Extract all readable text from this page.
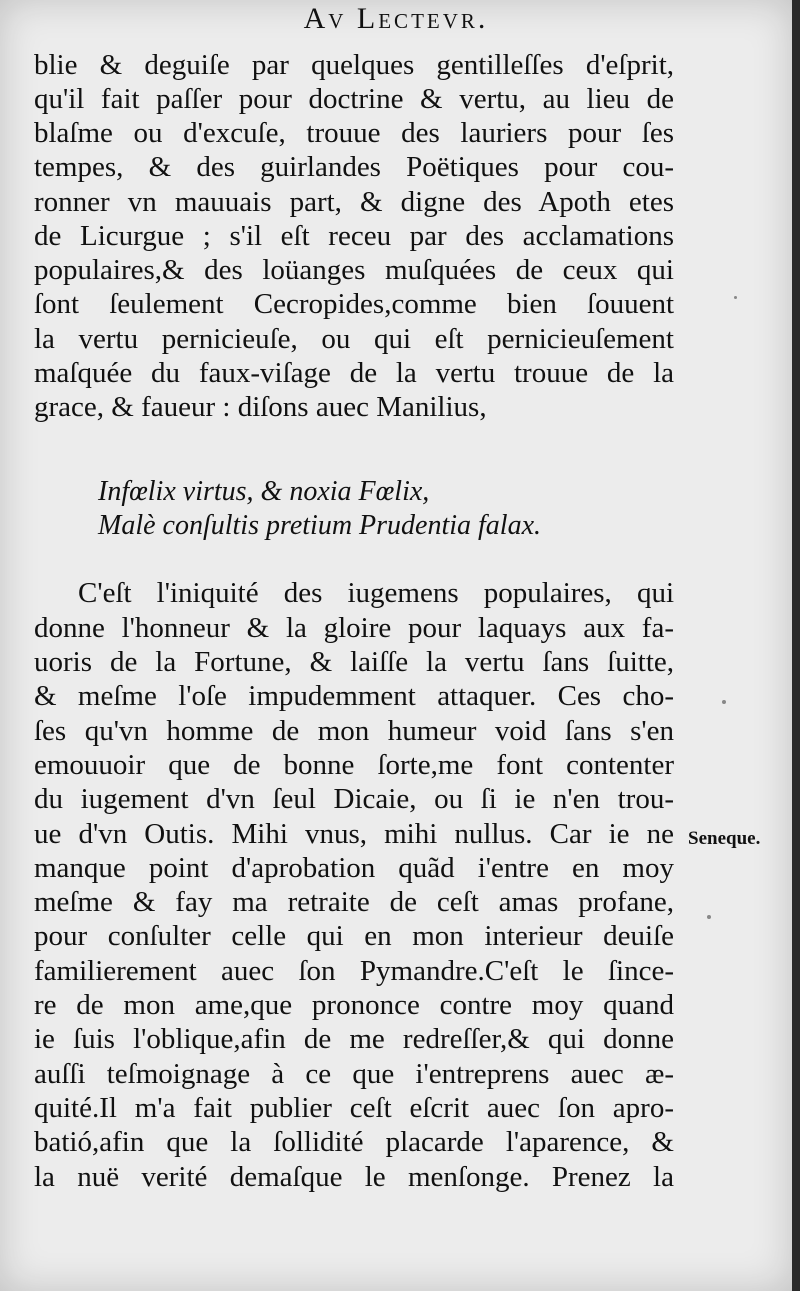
Av Lectevr.
blie & deguiſe par quelques gentilleſſes d'eſprit,
qu'il fait paſſer pour doctrine & vertu, au lieu de
blaſme ou d'excuſe, trouue des lauriers pour ſes
tempes, & des guirlandes Poëtiques pour cou-
ronner vn mauuais part, & digne des Apoth etes
de Licurgue ; s'il eſt receu par des acclamations
populaires,& des loüanges muſquées de ceux qui
ſont ſeulement Cecropides,comme bien ſouuent
la vertu pernicieuſe, ou qui eſt pernicieuſement
maſquée du faux-viſage de la vertu trouue de la
grace, & faueur : diſons auec Manilius,
C'eſt l'iniquité des iugemens populaires, qui
donne l'honneur & la gloire pour laquays aux fa-
uoris de la Fortune, & laiſſe la vertu ſans ſuitte,
& meſme l'oſe impudemment attaquer. Ces cho-
ſes qu'vn homme de mon humeur void ſans s'en
emouuoir que de bonne ſorte,me font contenter
du iugement d'vn ſeul Dicaie, ou ſi ie n'en trou-
ue d'vn Outis. Mihi vnus, mihi nullus. Car ie ne
manque point d'aprobation quãd i'entre en moy
meſme & fay ma retraite de ceſt amas profane,
pour conſulter celle qui en mon interieur deuiſe
familierement auec ſon Pymandre.C'eſt le ſince-
re de mon ame,que prononce contre moy quand
ie ſuis l'oblique,afin de me redreſſer,& qui donne
auſſi teſmoignage à ce que i'entreprens auec æ-
quité.Il m'a fait publier ceſt eſcrit auec ſon apro-
batió,afin que la ſollidité placarde l'aparence, &
la nuë verité demaſque le menſonge. Prenez la
Infœlix virtus, & noxia Fœlix,
Malè conſultis pretium Prudentia falax.
Seneque.
